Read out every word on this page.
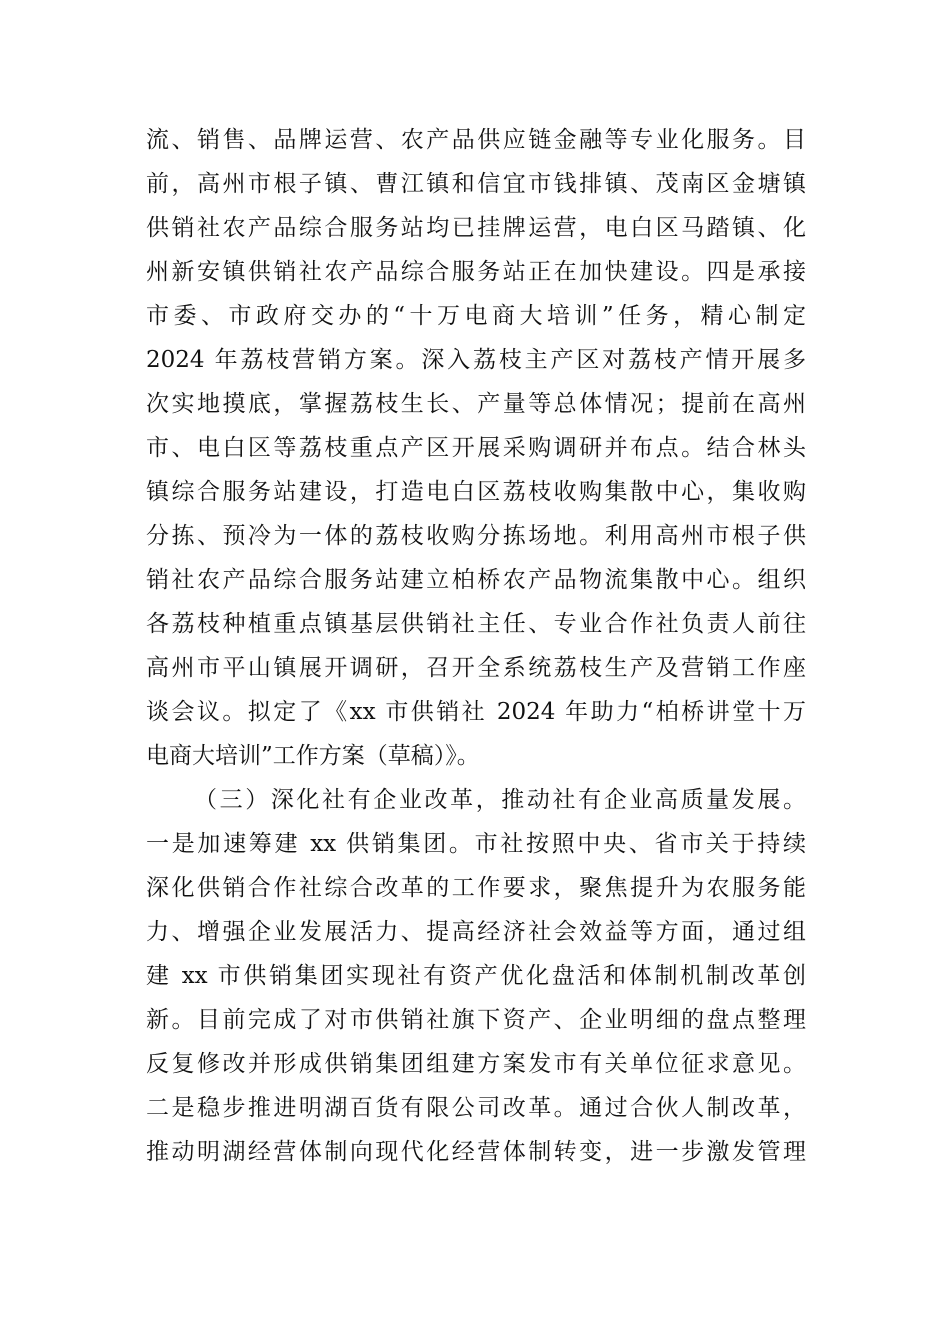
流、销售、品牌运营、农产品供应链金融等专业化服务。目
前，高州市根子镇、曹江镇和信宜市钱排镇、茂南区金塘镇
供销社农产品综合服务站均已挂牌运营，电白区马踏镇、化
州新安镇供销社农产品综合服务站正在加快建设。四是承接
市委、市政府交办的“十万电商大培训”任务，精心制定
2024 年荔枝营销方案。深入荔枝主产区对荔枝产情开展多
次实地摸底，掌握荔枝生长、产量等总体情况；提前在高州
市、电白区等荔枝重点产区开展采购调研并布点。结合林头
镇综合服务站建设，打造电白区荔枝收购集散中心，集收购
分拣、预冷为一体的荔枝收购分拣场地。利用高州市根子供
销社农产品综合服务站建立柏桥农产品物流集散中心。组织
各荔枝种植重点镇基层供销社主任、专业合作社负责人前往
高州市平山镇展开调研，召开全系统荔枝生产及营销工作座
谈会议。拟定了《xx 市供销社 2024 年助力“柏桥讲堂十万
电商大培训”工作方案（草稿）》。
（三）深化社有企业改革，推动社有企业高质量发展。
一是加速筹建 xx 供销集团。市社按照中央、省市关于持续
深化供销合作社综合改革的工作要求，聚焦提升为农服务能
力、增强企业发展活力、提高经济社会效益等方面，通过组
建 xx 市供销集团实现社有资产优化盘活和体制机制改革创
新。目前完成了对市供销社旗下资产、企业明细的盘点整理
反复修改并形成供销集团组建方案发市有关单位征求意见。
二是稳步推进明湖百货有限公司改革。通过合伙人制改革，
推动明湖经营体制向现代化经营体制转变，进一步激发管理
